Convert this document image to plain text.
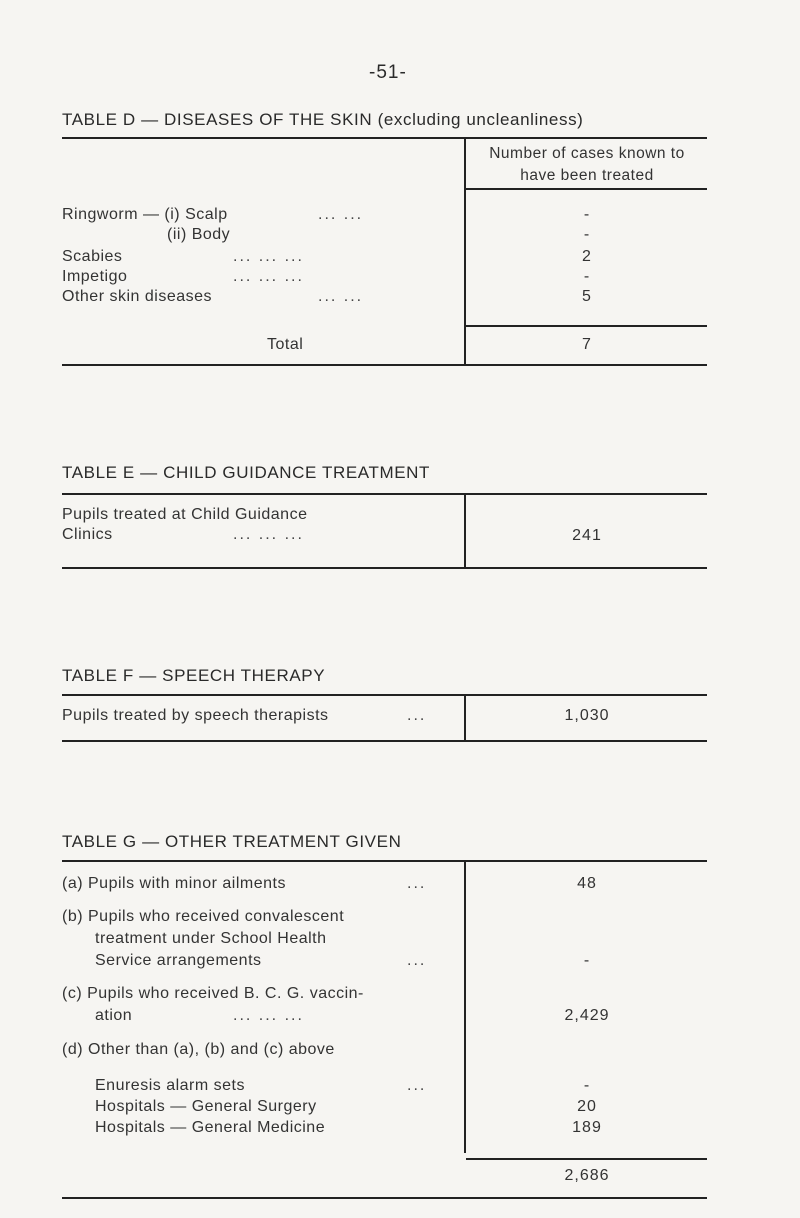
-51-
TABLE D — DISEASES OF THE SKIN (excluding uncleanliness)
Number of cases known to
have been treated
Ringworm — (i) Scalp	... ...	-
(ii) Body	-
Scabies	... ... ...	2
Impetigo	... ... ...	-
Other skin diseases	... ...	5
Total	7
TABLE E — CHILD GUIDANCE TREATMENT
Pupils treated at Child Guidance
Clinics	... ... ...	241
TABLE F — SPEECH THERAPY
Pupils treated by speech therapists	...	1,030
TABLE G — OTHER TREATMENT GIVEN
(a) Pupils with minor ailments	...	48
(b) Pupils who received convalescent
treatment under School Health
Service arrangements	...	-
(c) Pupils who received B. C. G. vaccin-
ation	... ... ...	2,429
(d) Other than (a), (b) and (c) above
Enuresis alarm sets	...	-
Hospitals — General Surgery	20
Hospitals — General Medicine	189
2,686
